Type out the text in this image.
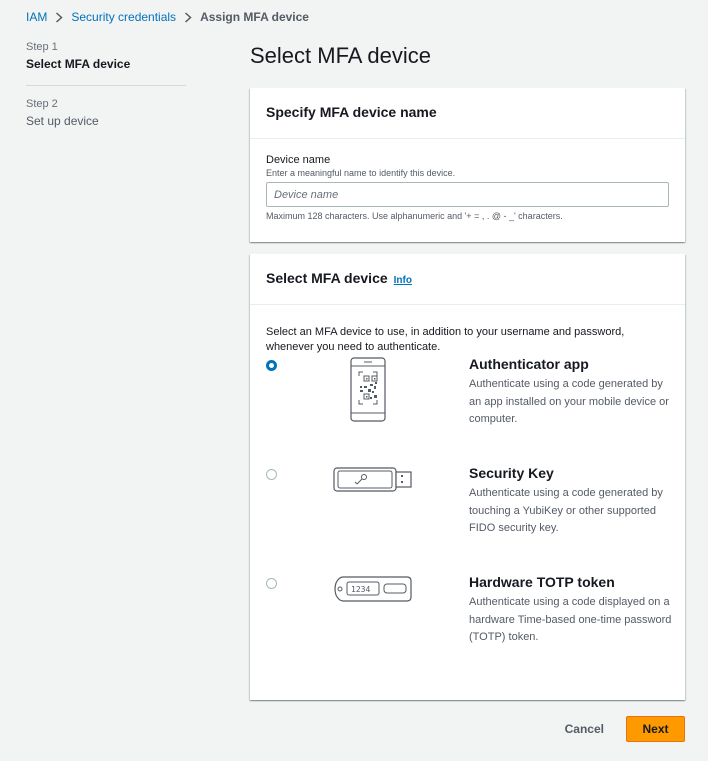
IAM Security credentials Assign MFA device
Step 1
Select MFA device
Step 2
Set up device
Select MFA device
Specify MFA device name
Device name
Enter a meaningful name to identify this device.
Device name
Maximum 128 characters. Use alphanumeric and '+ = , . @ - _' characters.
Select MFA device Info

Select an MFA device to use, in addition to your username and password, whenever you need to authenticate.

Authenticator app
Authenticate using a code generated by an app installed on your mobile device or computer.
Security Key
Authenticate using a code generated by touching a YubiKey or other supported FIDO security key.
1234	Hardware TOTP token
Authenticate using a code displayed on a hardware Time-based one-time password (TOTP) token.
Cancel	Next
